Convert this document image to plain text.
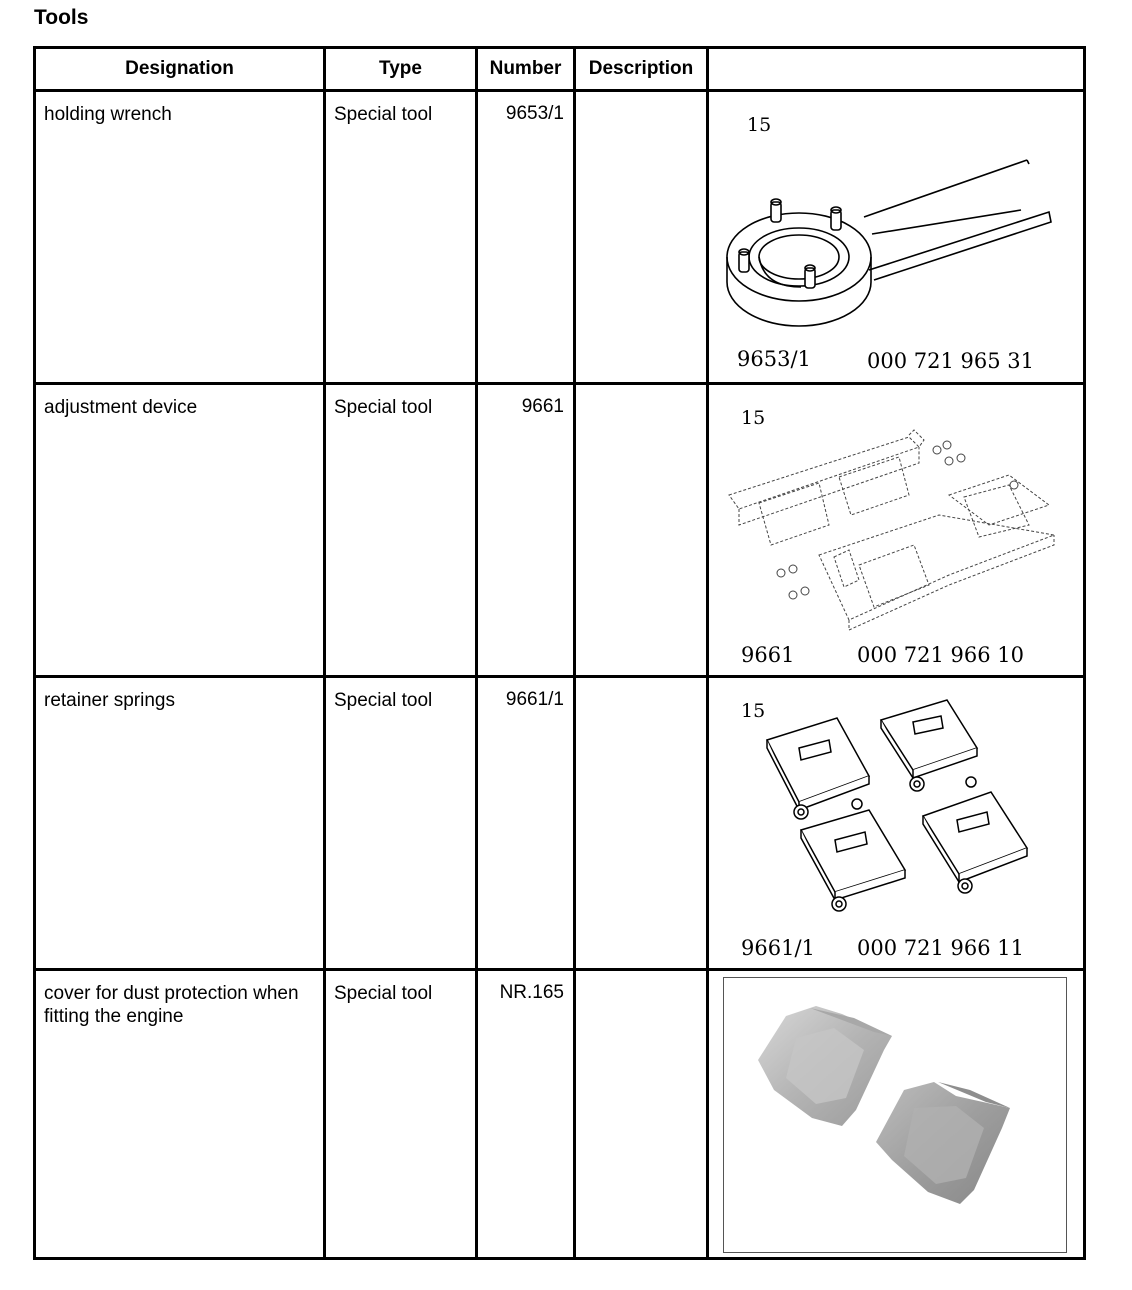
Tools
Designation	Type	Number	Description	

holding wrench	Special tool	9653/1		15
9653/1 000 721 965 31

adjustment device	Special tool	9661		15
9661 000 721 966 10

retainer springs	Special tool	9661/1		15
9661/1 000 721 966 11

cover for dust protection when fitting the engine	Special tool	NR.165
